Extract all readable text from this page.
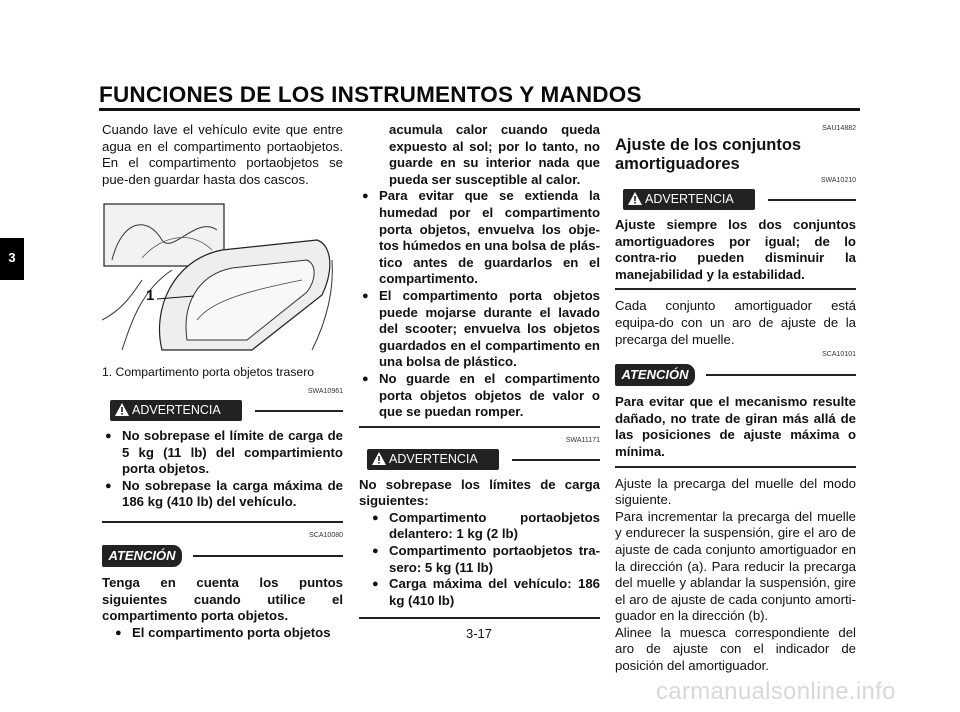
FUNCIONES DE LOS INSTRUMENTOS Y MANDOS
3

Cuando lave el vehículo evite que entre agua en el compartimento portaobjetos. En el compartimento portaobjetos se pue-den guardar hasta dos cascos.

1

1. Compartimento porta objetos trasero

SWA10961
ADVERTENCIA
● No sobrepase el límite de carga de 5 kg (11 lb) del compartimiento porta objetos.
● No sobrepase la carga máxima de 186 kg (410 lb) del vehículo.
SCA10080
ATENCIÓN

Tenga en cuenta los puntos siguientes cuando utilice el compartimento porta objetos.

● El compartimento porta objetos

acumula calor cuando queda expuesto al sol; por lo tanto, no guarde en su interior nada que pueda ser susceptible al calor.

● Para evitar que se extienda la humedad por el compartimento porta objetos, envuelva los obje-tos húmedos en una bolsa de plás-tico antes de guardarlos en el compartimento.
● El compartimento porta objetos puede mojarse durante el lavado del scooter; envuelva los objetos guardados en el compartimento en una bolsa de plástico.
● No guarde en el compartimento porta objetos objetos de valor o que se puedan romper.
SWA11171
ADVERTENCIA

No sobrepase los límites de carga siguientes:

● Compartimento portaobjetos delantero: 1 kg (2 lb)
● Compartimento portaobjetos tra-sero: 5 kg (11 lb)
● Carga máxima del vehículo: 186 kg (410 lb)
SAU14882
Ajuste de los conjuntos amortiguadores
SWA10210
ADVERTENCIA

Ajuste siempre los dos conjuntos amortiguadores por igual; de lo contra-rio pueden disminuir la manejabilidad y la estabilidad.

Cada conjunto amortiguador está equipa-do con un aro de ajuste de la precarga del muelle.

SCA10101
ATENCIÓN

Para evitar que el mecanismo resulte dañado, no trate de giran más allá de las posiciones de ajuste máxima o mínima.

Ajuste la precarga del muelle del modo siguiente.

Para incrementar la precarga del muelle y endurecer la suspensión, gire el aro de ajuste de cada conjunto amortiguador en la dirección (a). Para reducir la precarga del muelle y ablandar la suspensión, gire el aro de ajuste de cada conjunto amorti-guador en la dirección (b).

Alinee la muesca correspondiente del aro de ajuste con el indicador de posición del amortiguador.

3-17
carmanualsonline.info
